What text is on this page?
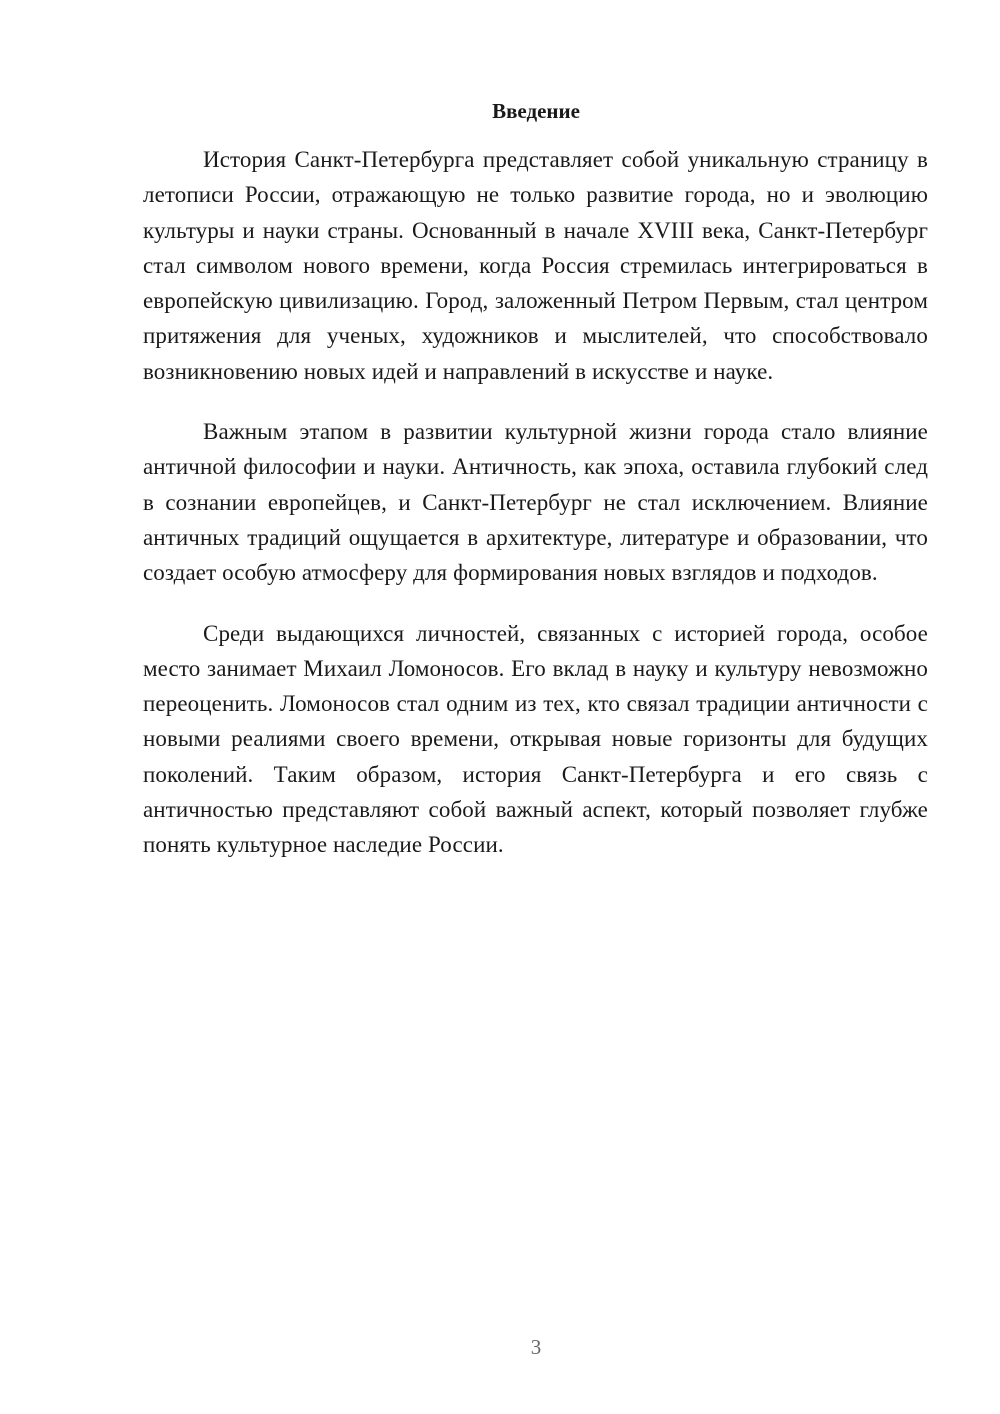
Введение

История Санкт-Петербурга представляет собой уникальную страницу в летописи России, отражающую не только развитие города, но и эволюцию культуры и науки страны. Основанный в начале XVIII века, Санкт-Петербург стал символом нового времени, когда Россия стремилась интегрироваться в европейскую цивилизацию. Город, заложенный Петром Первым, стал центром притяжения для ученых, художников и мыслителей, что способствовало возникновению новых идей и направлений в искусстве и науке.

Важным этапом в развитии культурной жизни города стало влияние античной философии и науки. Античность, как эпоха, оставила глубокий след в сознании европейцев, и Санкт-Петербург не стал исключением. Влияние античных традиций ощущается в архитектуре, литературе и образовании, что создает особую атмосферу для формирования новых взглядов и подходов.

Среди выдающихся личностей, связанных с историей города, особое место занимает Михаил Ломоносов. Его вклад в науку и культуру невозможно переоценить. Ломоносов стал одним из тех, кто связал традиции античности с новыми реалиями своего времени, открывая новые горизонты для будущих поколений. Таким образом, история Санкт-Петербурга и его связь с античностью представляют собой важный аспект, который позволяет глубже понять культурное наследие России.

3
